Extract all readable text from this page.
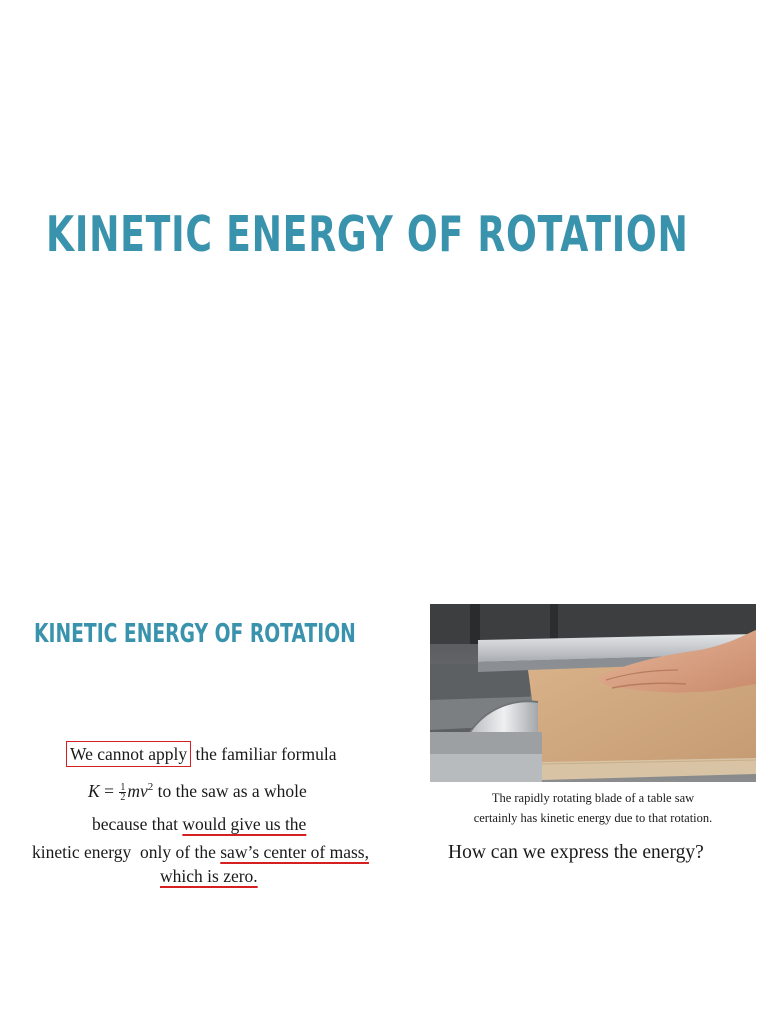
KINETIC ENERGY OF ROTATION
KINETIC ENERGY OF ROTATION
We cannot apply the familiar formula
$K = \frac{1}{2} mv^2$ to the saw as a whole
because that would give us the
kinetic energy  only of the saw’s center of mass,
which is zero.
The rapidly rotating blade of a table saw
certainly has kinetic energy due to that rotation.
How can we express the energy?
